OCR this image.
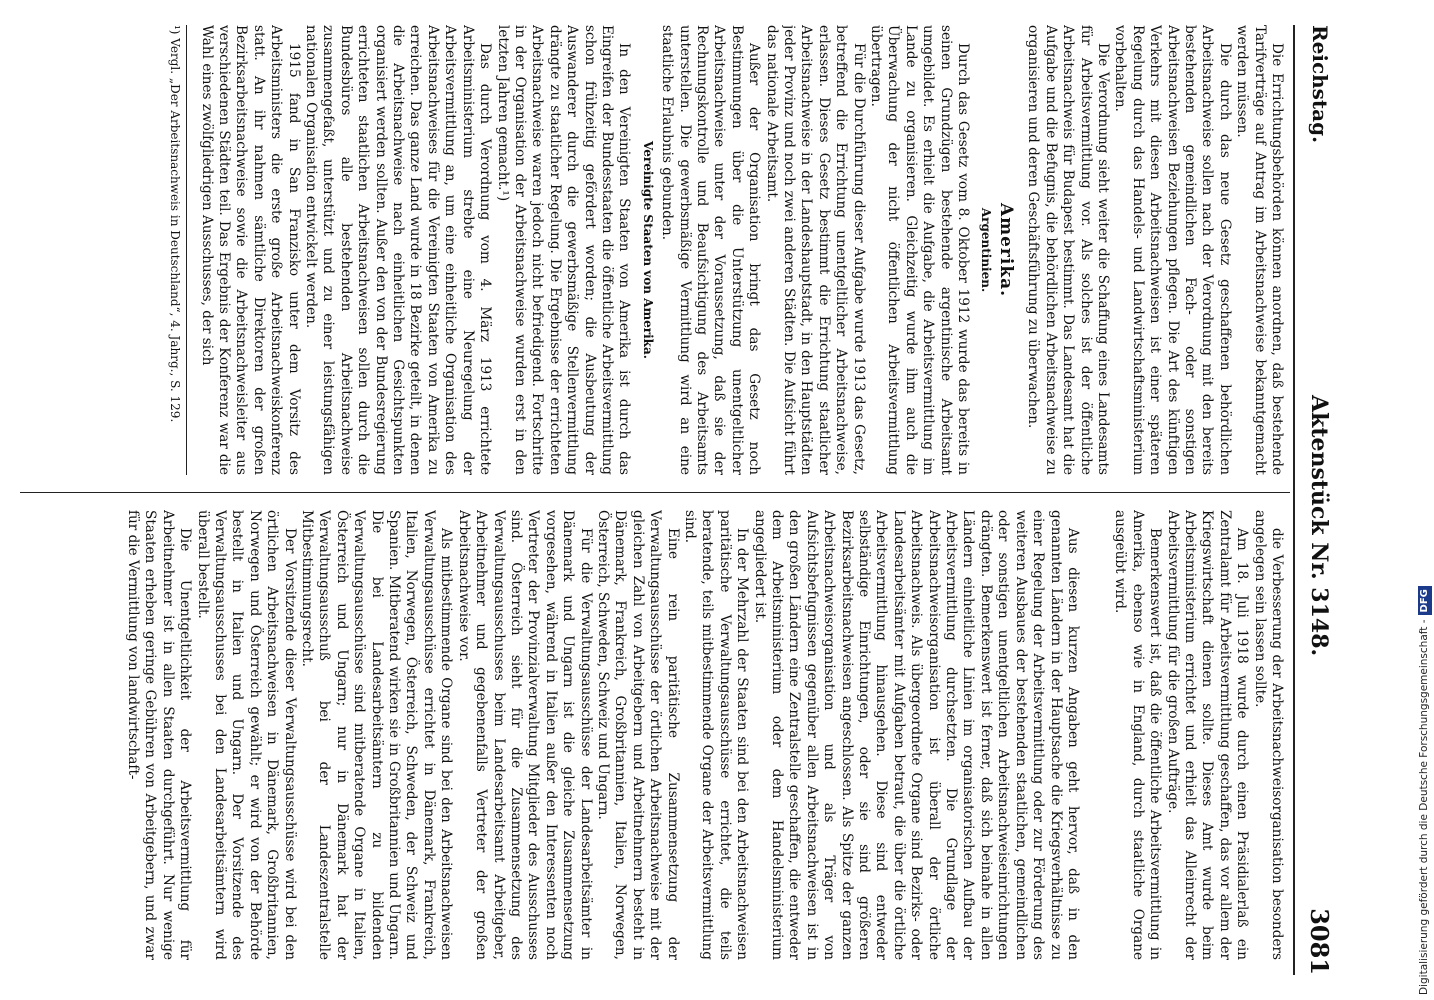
Reichstag.
Aktenstück Nr. 3148.
3081

Die Errichtungsbehörden können anordnen, daß bestehende Tarifverträge auf Antrag im Arbeitsnachweise bekanntgemacht werden müssen.

Die durch das neue Gesetz geschaffenen behördlichen Arbeitsnachweise sollen nach der Verordnung mit den bereits bestehenden gemeindlichen Fach- oder sonstigen Arbeitsnachweisen Beziehungen pflegen. Die Art des künftigen Verkehrs mit diesen Arbeitsnachweisen ist einer späteren Regelung durch das Handels- und Landwirtschaftsministerium vorbehalten.

Die Verordnung sieht weiter die Schaffung eines Landesamts für Arbeitsvermittlung vor. Als solches ist der öffentliche Arbeitsnachweis für Budapest bestimmt. Das Landesamt hat die Aufgabe und die Befugnis, die behördlichen Arbeitsnachweise zu organisieren und deren Geschäftsführung zu überwachen.

Amerika.
Argentinien.

Durch das Gesetz vom 8. Oktober 1912 wurde das bereits in seinen Grundzügen bestehende argentinische Arbeitsamt umgebildet. Es erhielt die Aufgabe, die Arbeitsvermittlung im Lande zu organisieren. Gleichzeitig wurde ihm auch die Überwachung der nicht öffentlichen Arbeitsvermittlung übertragen.

Für die Durchführung dieser Aufgabe wurde 1913 das Gesetz, betreffend die Errichtung unentgeltlicher Arbeitsnachweise, erlassen. Dieses Gesetz bestimmt die Errichtung staatlicher Arbeitsnachweise in der Landeshauptstadt, in den Hauptstädten jeder Provinz und noch zwei anderen Städten. Die Aufsicht führt das nationale Arbeitsamt.

Außer der Organisation bringt das Gesetz noch Bestimmungen über die Unterstützung unentgeltlicher Arbeitsnachweise unter der Voraussetzung, daß sie der Rechnungskontrolle und Beaufsichtigung des Arbeitsamts unterstellen. Die gewerbsmäßige Vermittlung wird an eine staatliche Erlaubnis gebunden.

Vereinigte Staaten von Amerika.

In den Vereinigten Staaten von Amerika ist durch das Eingreifen der Bundesstaaten die öffentliche Arbeitsvermittlung schon frühzeitig gefördert worden; die Ausbeutung der Auswanderer durch die gewerbsmäßige Stellenvermittlung drängte zu staatlicher Regelung. Die Ergebnisse der errichteten Arbeitsnachweise waren jedoch nicht befriedigend. Fortschritte in der Organisation der Arbeitsnachweise wurden erst in den letzten Jahren gemacht.¹)

Das durch Verordnung vom 4. März 1913 errichtete Arbeitsministerium strebte eine Neuregelung der Arbeitsvermittlung an, um eine einheitliche Organisation des Arbeitsnachweises für die Vereinigten Staaten von Amerika zu erreichen. Das ganze Land wurde in 18 Bezirke geteilt, in denen die Arbeitsnachweise nach einheitlichen Gesichtspunkten organisiert werden sollten. Außer den von der Bundesregierung errichteten staatlichen Arbeitsnachweisen sollen durch die Bundesbüros alle bestehenden Arbeitsnachweise zusammengefaßt, unterstützt und zu einer leistungsfähigen nationalen Organisation entwickelt werden.

1915 fand in San Franzisko unter dem Vorsitz des Arbeitsministers die erste große Arbeitsnachweiskonferenz statt. An ihr nahmen sämtliche Direktoren der großen Bezirksarbeitsnachweise sowie die Arbeitsnachweisleiter aus verschiedenen Städten teil. Das Ergebnis der Konferenz war die Wahl eines zwölfgliedrigen Ausschusses, der sich

¹) Vergl. „Der Arbeitsnachweis in Deutschland“, 4. Jahrg., S. 129.

die Verbesserung der Arbeitsnachweisorganisation besonders angelegen sein lassen sollte.

Am 18. Juli 1918 wurde durch einen Präsidialerlaß ein Zentralamt für Arbeitsvermittlung geschaffen, das vor allem der Kriegswirtschaft dienen sollte. Dieses Amt wurde beim Arbeitsministerium errichtet und erhielt das Alleinrecht der Arbeitsvermittlung für die großen Aufträge.

Bemerkenswert ist, daß die öffentliche Arbeitsvermittlung in Amerika, ebenso wie in England, durch staatliche Organe ausgeübt wird.

Aus diesen kurzen Angaben geht hervor, daß in den genannten Ländern in der Hauptsache die Kriegsverhältnisse zu einer Regelung der Arbeitsvermittlung oder zur Förderung des weiteren Ausbaues der bestehenden staatlichen, gemeindlichen oder sonstigen unentgeltlichen Arbeitsnachweiseinrichtungen drängten. Bemerkenswert ist ferner, daß sich beinahe in allen Ländern einheitliche Linien im organisatorischen Aufbau der Arbeitsvermittlung durchsetzten. Die Grundlage der Arbeitsnachweisorganisation ist überall der örtliche Arbeitsnachweis. Als übergeordnete Organe sind Bezirks- oder Landesarbeitsämter mit Aufgaben betraut, die über die örtliche Arbeitsvermittlung hinausgehen. Diese sind entweder selbständige Einrichtungen, oder sie sind größeren Bezirksarbeitsnachweisen angeschlossen. Als Spitze der ganzen Arbeitsnachweisorganisation und als Träger von Aufsichtsbefugnissen gegenüber allen Arbeitsnachweisen ist in den großen Ländern eine Zentralstelle geschaffen, die entweder dem Arbeitsministerium oder dem Handelsministerium angegliedert ist.

In der Mehrzahl der Staaten sind bei den Arbeitsnachweisen paritätische Verwaltungsausschüsse errichtet, die teils beratende, teils mitbestimmende Organe der Arbeitsvermittlung sind.

Eine rein paritätische Zusammensetzung der Verwaltungsausschüsse der örtlichen Arbeitsnachweise mit der gleichen Zahl von Arbeitgebern und Arbeitnehmern besteht in Dänemark, Frankreich, Großbritannien, Italien, Norwegen, Österreich, Schweden, Schweiz und Ungarn.

Für die Verwaltungsausschüsse der Landesarbeitsämter in Dänemark und Ungarn ist die gleiche Zusammensetzung vorgesehen, während in Italien außer den Interessenten noch Vertreter der Provinzialverwaltung Mitglieder des Ausschusses sind. Österreich sieht für die Zusammensetzung des Verwaltungsausschusses beim Landesarbeitsamt Arbeitgeber, Arbeitnehmer und gegebenenfalls Vertreter der großen Arbeitsnachweise vor.

Als mitbestimmende Organe sind bei den Arbeitsnachweisen Verwaltungsausschüsse errichtet in Dänemark, Frankreich, Italien, Norwegen, Österreich, Schweden, der Schweiz und Spanien. Mitberatend wirken sie in Großbritannien und Ungarn. Die bei Landesarbeitsämtern zu bildenden Verwaltungsausschüsse sind mitberatende Organe in Italien, Österreich und Ungarn; nur in Dänemark hat der Verwaltungsausschuß bei der Landeszentralstelle Mitbestimmungsrecht.

Der Vorsitzende dieser Verwaltungsausschüsse wird bei den örtlichen Arbeitsnachweisen in Dänemark, Großbritannien, Norwegen und Österreich gewählt; er wird von der Behörde bestellt in Italien und Ungarn. Der Vorsitzende des Verwaltungsausschusses bei den Landesarbeitsämtern wird überall bestellt.

Die Unentgeltlichkeit der Arbeitsvermittlung für Arbeitnehmer ist in allen Staaten durchgeführt. Nur wenige Staaten erheben geringe Gebühren von Arbeitgebern, und zwar für die Vermittlung von landwirtschaft-	Digitalisierung gefördert durch die Deutsche Forschungsgemeinschaft -DFG
